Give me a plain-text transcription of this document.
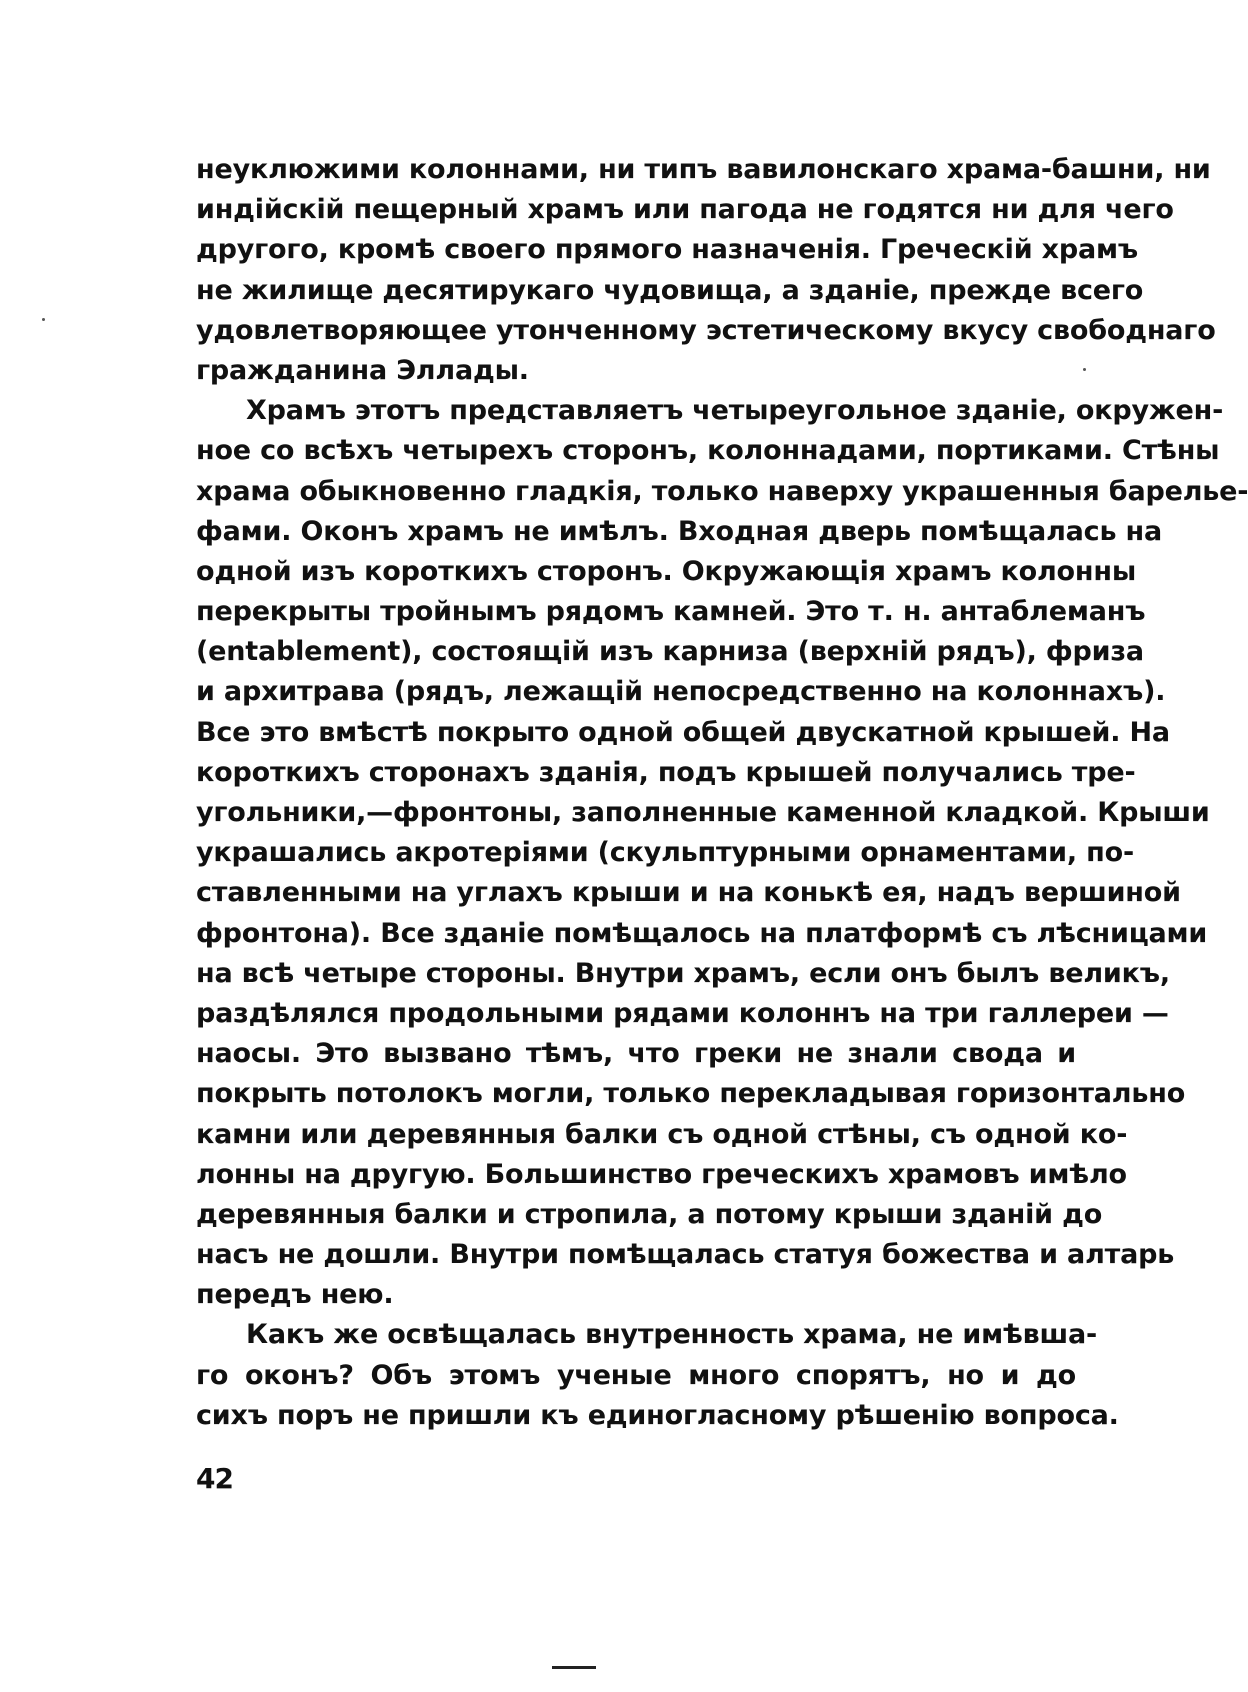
неуклюжими колоннами, ни типъ вавилонскаго храма-башни, ни
индійскій пещерный храмъ или пагода не годятся ни для чего
другого, кромѣ своего прямого назначенія. Греческій храмъ
не жилище десятирукаго чудовища, а зданіе, прежде всего
удовлетворяющее утонченному эстетическому вкусу свободнаго
гражданина Эллады.
Храмъ этотъ представляетъ четыреугольное зданіе, окружен-
ное со всѣхъ четырехъ сторонъ, колоннадами, портиками. Стѣны
храма обыкновенно гладкія, только наверху украшенныя барелье-
фами. Оконъ храмъ не имѣлъ. Входная дверь помѣщалась на
одной изъ короткихъ сторонъ. Окружающія храмъ колонны
перекрыты тройнымъ рядомъ камней. Это т. н. антаблеманъ
(entablement), состоящій изъ карниза (верхній рядъ), фриза
и архитрава (рядъ, лежащій непосредственно на колоннахъ).
Все это вмѣстѣ покрыто одной общей двускатной крышей. На
короткихъ сторонахъ зданія, подъ крышей получались тре-
угольники,—фронтоны, заполненные каменной кладкой. Крыши
украшались акротеріями (скульптурными орнаментами, по-
ставленными на углахъ крыши и на конькѣ ея, надъ вершиной
фронтона). Все зданіе помѣщалось на платформѣ съ лѣсницами
на всѣ четыре стороны. Внутри храмъ, если онъ былъ великъ,
раздѣлялся продольными рядами колоннъ на три галлереи —
наосы. Это вызвано тѣмъ, что греки не знали свода и
покрыть потолокъ могли, только перекладывая горизонтально
камни или деревянныя балки съ одной стѣны, съ одной ко-
лонны на другую. Большинство греческихъ храмовъ имѣло
деревянныя балки и стропила, а потому крыши зданій до
насъ не дошли. Внутри помѣщалась статуя божества и алтарь
передъ нею.
Какъ же освѣщалась внутренность храма, не имѣвша-
го оконъ? Объ этомъ ученые много спорятъ, но и до
сихъ поръ не пришли къ единогласному рѣшенію вопроса.
42
